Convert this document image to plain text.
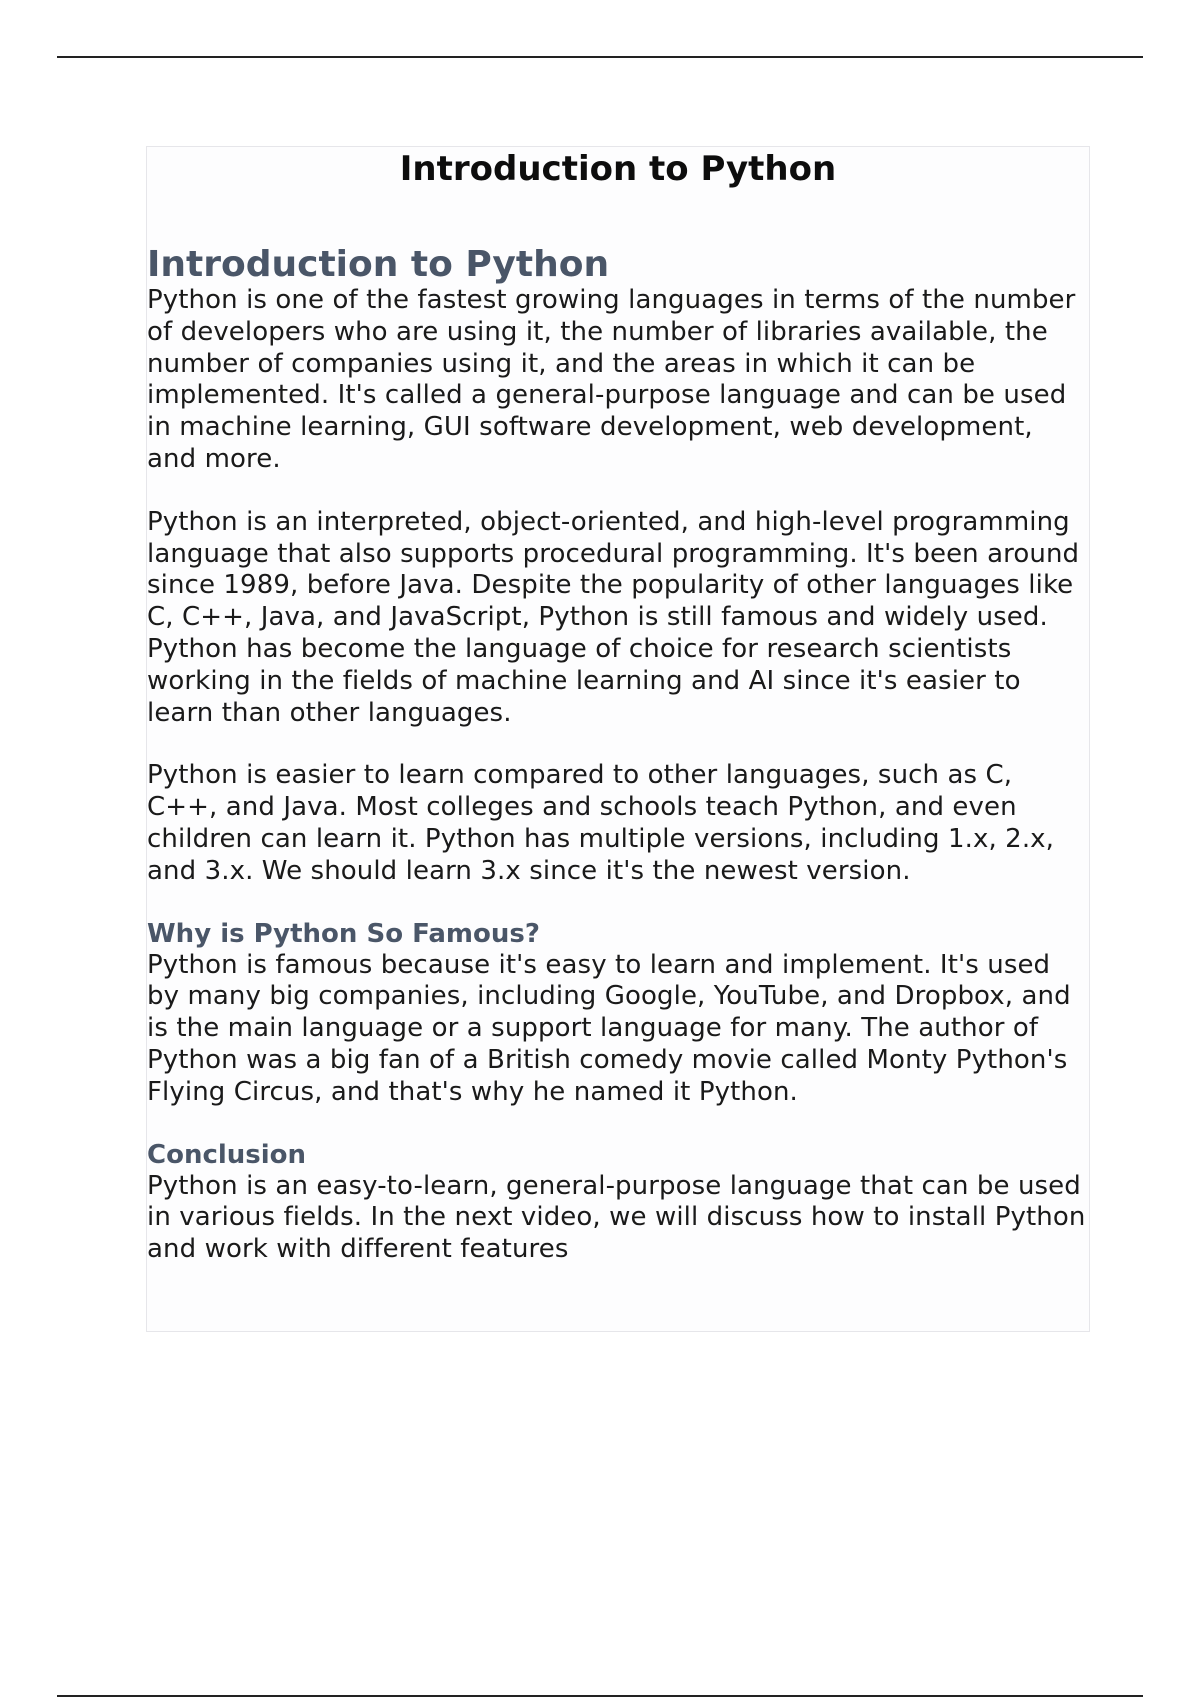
Introduction to Python
Introduction to Python

Python is one of the fastest growing languages in terms of the number of developers who are using it, the number of libraries available, the number of companies using it, and the areas in which it can be implemented. It's called a general-purpose language and can be used in machine learning, GUI software development, web development, and more.

Python is an interpreted, object-oriented, and high-level programming language that also supports procedural programming. It's been around since 1989, before Java. Despite the popularity of other languages like C, C++, Java, and JavaScript, Python is still famous and widely used. Python has become the language of choice for research scientists working in the fields of machine learning and AI since it's easier to learn than other languages.

Python is easier to learn compared to other languages, such as C, C++, and Java. Most colleges and schools teach Python, and even children can learn it. Python has multiple versions, including 1.x, 2.x, and 3.x. We should learn 3.x since it's the newest version.

Why is Python So Famous?

Python is famous because it's easy to learn and implement. It's used by many big companies, including Google, YouTube, and Dropbox, and is the main language or a support language for many. The author of Python was a big fan of a British comedy movie called Monty Python's Flying Circus, and that's why he named it Python.

Conclusion

Python is an easy-to-learn, general-purpose language that can be used in various fields. In the next video, we will discuss how to install Python and work with different features
